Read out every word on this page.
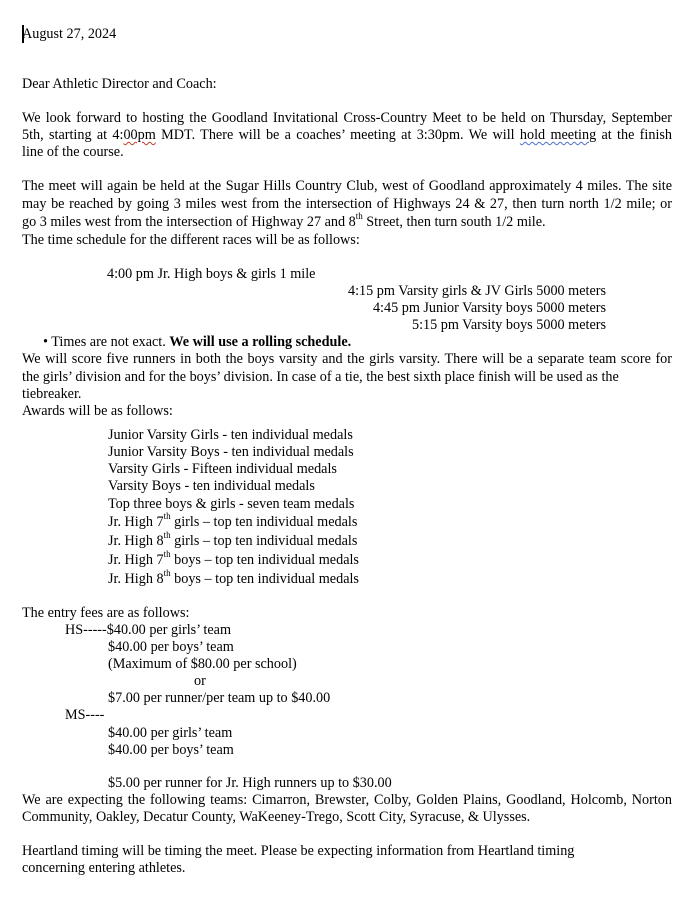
August 27, 2024
Dear Athletic Director and Coach:
We look forward to hosting the Goodland Invitational Cross-Country Meet to be held on Thursday, September
5th, starting at 4:00pm MDT. There will be a coaches’ meeting at 3:30pm. We will hold meeting at the finish
line of the course.
The meet will again be held at the Sugar Hills Country Club, west of Goodland approximately 4 miles. The site
may be reached by going 3 miles west from the intersection of Highways 24 & 27, then turn north 1/2 mile; or
go 3 miles west from the intersection of Highway 27 and 8th Street, then turn south 1/2 mile.
The time schedule for the different races will be as follows:
4:00 pm Jr. High boys & girls 1 mile
4:15 pm Varsity girls & JV Girls 5000 meters
4:45 pm Junior Varsity boys 5000 meters
5:15 pm Varsity boys 5000 meters
• Times are not exact. We will use a rolling schedule.
We will score five runners in both the boys varsity and the girls varsity. There will be a separate team score for
the girls’ division and for the boys’ division. In case of a tie, the best sixth place finish will be used as the
tiebreaker.
Awards will be as follows:
Junior Varsity Girls - ten individual medals
Junior Varsity Boys - ten individual medals
Varsity Girls - Fifteen individual medals
Varsity Boys - ten individual medals
Top three boys & girls - seven team medals
Jr. High 7th girls – top ten individual medals
Jr. High 8th girls – top ten individual medals
Jr. High 7th boys – top ten individual medals
Jr. High 8th boys – top ten individual medals
The entry fees are as follows:
HS-----$40.00 per girls’ team
$40.00 per boys’ team
(Maximum of $80.00 per school)
or
$7.00 per runner/per team up to $40.00
MS----
$40.00 per girls’ team
$40.00 per boys’ team
$5.00 per runner for Jr. High runners up to $30.00
We are expecting the following teams: Cimarron, Brewster, Colby, Golden Plains, Goodland, Holcomb, Norton
Community, Oakley, Decatur County, WaKeeney-Trego, Scott City, Syracuse, & Ulysses.
Heartland timing will be timing the meet. Please be expecting information from Heartland timing
concerning entering athletes.
